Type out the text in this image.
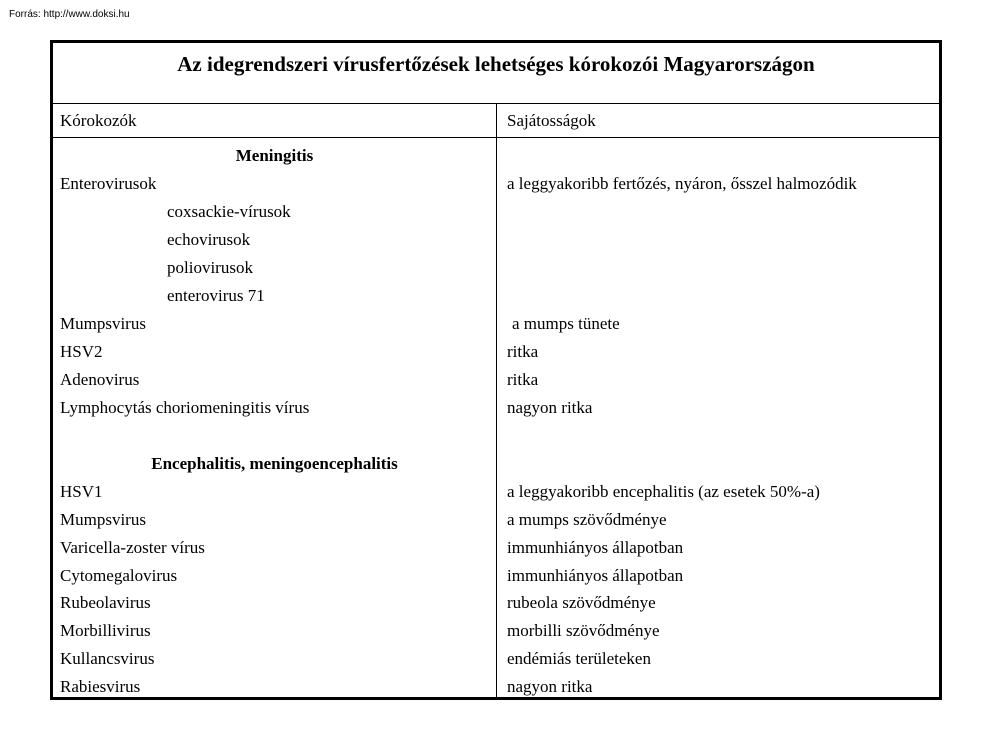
Forrás: http://www.doksi.hu
Az idegrendszeri vírusfertőzések lehetséges kórokozói Magyarországon
Kórokozók	Sajátosságok
Meningitis
Enterovirusok	a leggyakoribb fertőzés, nyáron, ősszel halmozódik
coxsackie-vírusok
echovirusok
poliovirusok
enterovirus 71
Mumpsvirus	a mumps tünete
HSV2	ritka
Adenovirus	ritka
Lymphocytás choriomeningitis vírus	nagyon ritka
Encephalitis, meningoencephalitis
HSV1	a leggyakoribb encephalitis (az esetek 50%-a)
Mumpsvirus	a mumps szövődménye
Varicella-zoster vírus	immunhiányos állapotban
Cytomegalovirus	immunhiányos állapotban
Rubeolavirus	rubeola szövődménye
Morbillivirus	morbilli szövődménye
Kullancsvirus	endémiás területeken
Rabiesvirus	nagyon ritka
